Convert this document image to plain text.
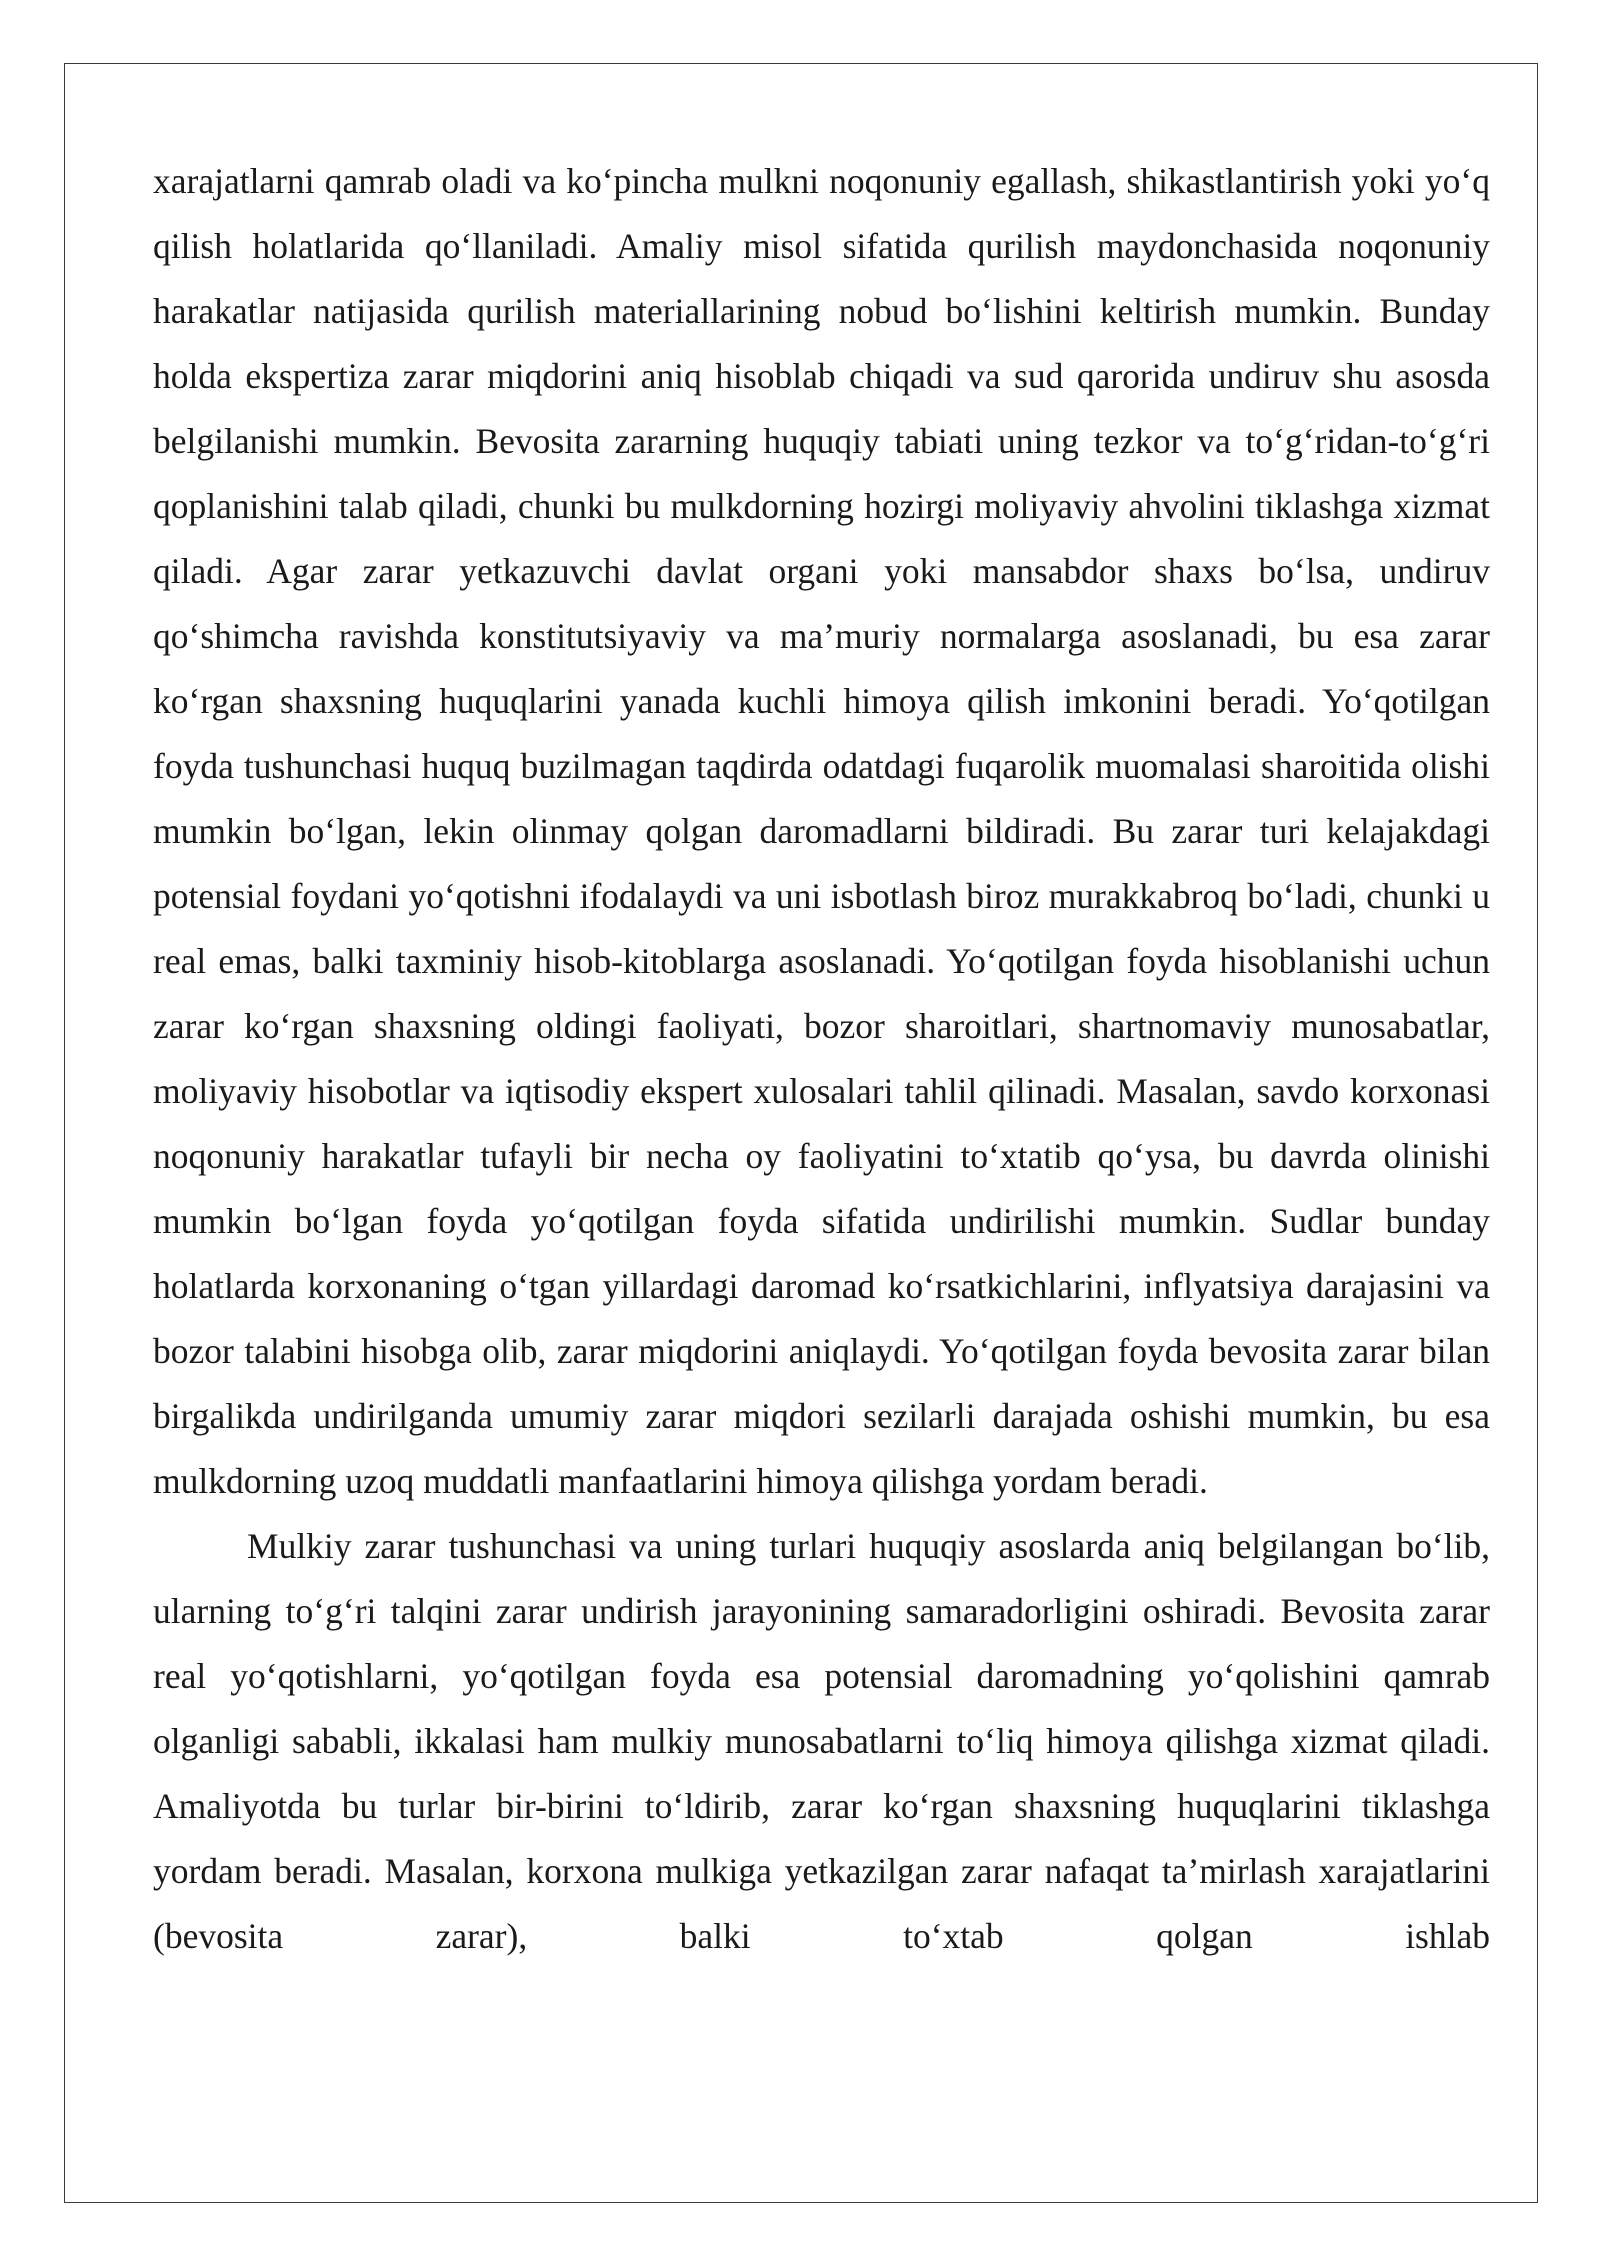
xarajatlarni qamrab oladi va ko‘pincha mulkni noqonuniy egallash, shikastlantirish yoki yo‘q qilish holatlarida qo‘llaniladi. Amaliy misol sifatida qurilish maydonchasida noqonuniy harakatlar natijasida qurilish materiallarining nobud bo‘lishini keltirish mumkin. Bunday holda ekspertiza zarar miqdorini aniq hisoblab chiqadi va sud qarorida undiruv shu asosda belgilanishi mumkin. Bevosita zararning huquqiy tabiati uning tezkor va to‘g‘ridan-to‘g‘ri qoplanishini talab qiladi, chunki bu mulkdorning hozirgi moliyaviy ahvolini tiklashga xizmat qiladi. Agar zarar yetkazuvchi davlat organi yoki mansabdor shaxs bo‘lsa, undiruv qo‘shimcha ravishda konstitutsiyaviy va ma’muriy normalarga asoslanadi, bu esa zarar ko‘rgan shaxsning huquqlarini yanada kuchli himoya qilish imkonini beradi. Yo‘qotilgan foyda tushunchasi huquq buzilmagan taqdirda odatdagi fuqarolik muomalasi sharoitida olishi mumkin bo‘lgan, lekin olinmay qolgan daromadlarni bildiradi. Bu zarar turi kelajakdagi potensial foydani yo‘qotishni ifodalaydi va uni isbotlash biroz murakkabroq bo‘ladi, chunki u real emas, balki taxminiy hisob-kitoblarga asoslanadi. Yo‘qotilgan foyda hisoblanishi uchun zarar ko‘rgan shaxsning oldingi faoliyati, bozor sharoitlari, shartnomaviy munosabatlar, moliyaviy hisobotlar va iqtisodiy ekspert xulosalari tahlil qilinadi. Masalan, savdo korxonasi noqonuniy harakatlar tufayli bir necha oy faoliyatini to‘xtatib qo‘ysa, bu davrda olinishi mumkin bo‘lgan foyda yo‘qotilgan foyda sifatida undirilishi mumkin. Sudlar bunday holatlarda korxonaning o‘tgan yillardagi daromad ko‘rsatkichlarini, inflyatsiya darajasini va bozor talabini hisobga olib, zarar miqdorini aniqlaydi. Yo‘qotilgan foyda bevosita zarar bilan birgalikda undirilganda umumiy zarar miqdori sezilarli darajada oshishi mumkin, bu esa mulkdorning uzoq muddatli manfaatlarini himoya qilishga yordam beradi.

Mulkiy zarar tushunchasi va uning turlari huquqiy asoslarda aniq belgilangan bo‘lib, ularning to‘g‘ri talqini zarar undirish jarayonining samaradorligini oshiradi. Bevosita zarar real yo‘qotishlarni, yo‘qotilgan foyda esa potensial daromadning yo‘qolishini qamrab olganligi sababli, ikkalasi ham mulkiy munosabatlarni to‘liq himoya qilishga xizmat qiladi. Amaliyotda bu turlar bir-birini to‘ldirib, zarar ko‘rgan shaxsning huquqlarini tiklashga yordam beradi. Masalan, korxona mulkiga yetkazilgan zarar nafaqat ta’mirlash xarajatlarini (bevosita zarar), balki to‘xtab qolgan ishlab
